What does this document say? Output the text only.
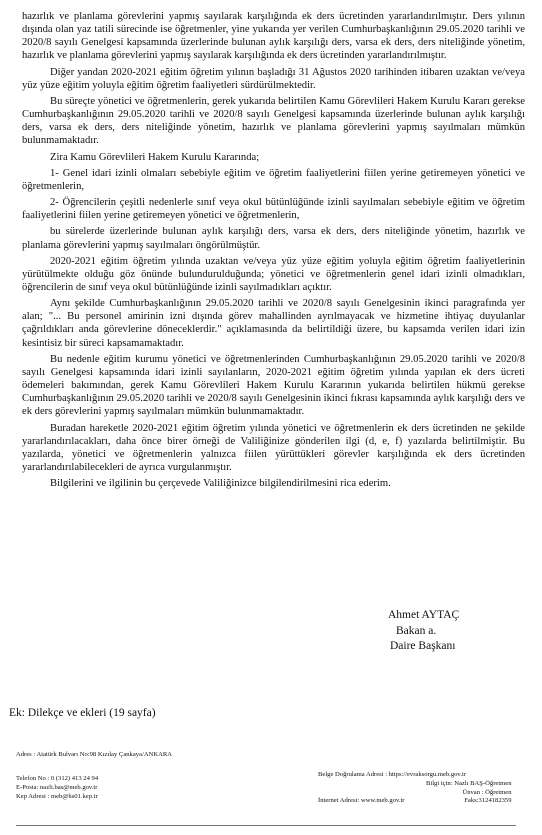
hazırlık ve planlama görevlerini yapmış sayılarak karşılığında ek ders ücretinden yararlandırılmıştır. Ders yılının dışında olan yaz tatili sürecinde ise öğretmenler, yine yukarıda yer verilen Cumhurbaşkanlığının 29.05.2020 tarihli ve 2020/8 sayılı Genelgesi kapsamında üzerlerinde bulunan aylık karşılığı ders, varsa ek ders, ders niteliğinde yönetim, hazırlık ve planlama görevlerini yapmış sayılarak karşılığında ek ders ücretinden yararlandırılmıştır.

Diğer yandan 2020-2021 eğitim öğretim yılının başladığı 31 Ağustos 2020 tarihinden itibaren uzaktan ve/veya yüz yüze eğitim yoluyla eğitim öğretim faaliyetleri sürdürülmektedir.

Bu süreçte yönetici ve öğretmenlerin, gerek yukarıda belirtilen Kamu Görevlileri Hakem Kurulu Kararı gerekse Cumhurbaşkanlığının 29.05.2020 tarihli ve 2020/8 sayılı Genelgesi kapsamında üzerlerinde bulunan aylık karşılığı ders, varsa ek ders, ders niteliğinde yönetim, hazırlık ve planlama görevlerini yapmış sayılmaları mümkün bulunmamaktadır.

Zira Kamu Görevlileri Hakem Kurulu Kararında;

1- Genel idari izinli olmaları sebebiyle eğitim ve öğretim faaliyetlerini fiilen yerine getiremeyen yönetici ve öğretmenlerin,

2- Öğrencilerin çeşitli nedenlerle sınıf veya okul bütünlüğünde izinli sayılmaları sebebiyle eğitim ve öğretim faaliyetlerini fiilen yerine getiremeyen yönetici ve öğretmenlerin,

bu sürelerde üzerlerinde bulunan aylık karşılığı ders, varsa ek ders, ders niteliğinde yönetim, hazırlık ve planlama görevlerini yapmış sayılmaları öngörülmüştür.

2020-2021 eğitim öğretim yılında uzaktan ve/veya yüz yüze eğitim yoluyla eğitim öğretim faaliyetlerinin yürütülmekte olduğu göz önünde bulundurulduğunda; yönetici ve öğretmenlerin genel idari izinli olmadıkları, öğrencilerin de sınıf veya okul bütünlüğünde izinli sayılmadıkları açıktır.

Aynı şekilde Cumhurbaşkanlığının 29.05.2020 tarihli ve 2020/8 sayılı Genelgesinin ikinci paragrafında yer alan; "... Bu personel amirinin izni dışında görev mahallinden ayrılmayacak ve hizmetine ihtiyaç duyulanlar çağrıldıkları anda görevlerine döneceklerdir." açıklamasında da belirtildiği üzere, bu kapsamda verilen idari izin kesintisiz bir süreci kapsamamaktadır.

Bu nedenle eğitim kurumu yönetici ve öğretmenlerinden Cumhurbaşkanlığının 29.05.2020 tarihli ve 2020/8 sayılı Genelgesi kapsamında idari izinli sayılanların, 2020-2021 eğitim öğretim yılında yapılan ek ders ücreti ödemeleri bakımından, gerek Kamu Görevlileri Hakem Kurulu Kararının yukarıda belirtilen hükmü gerekse Cumhurbaşkanlığının 29.05.2020 tarihli ve 2020/8 sayılı Genelgesinin ikinci fıkrası kapsamında aylık karşılığı ders ve ek ders görevlerini yapmış sayılmaları mümkün bulunmamaktadır.

Buradan hareketle 2020-2021 eğitim öğretim yılında yönetici ve öğretmenlerin ek ders ücretinden ne şekilde yararlandırılacakları, daha önce birer örneği de Valiliğinize gönderilen ilgi (d, e, f) yazılarda belirtilmiştir. Bu yazılarda, yönetici ve öğretmenlerin yalnızca fiilen yürüttükleri görevler karşılığında ek ders ücretinden yararlandırılabilecekleri de ayrıca vurgulanmıştır.

Bilgilerini ve ilgilinin bu çerçevede Valiliğinizce bilgilendirilmesini rica ederim.

Ahmet AYTAÇ
Bakan a.
Daire Başkanı
Ek: Dilekçe ve ekleri (19 sayfa)
Adres : Atatürk Bulvarı No:98 Kızılay Çankaya/ANKARA
Telefon No : 0 (312) 413 24 94
E-Posta: nazli.bas@meb.gov.tr
Kep Adresi : meb@hs01.kep.tr
Belge Doğrulama Adresi : https://evraksorgu.meb.gov.tr

İnternet Adresi: www.meb.gov.tr

Bilgi için: Nazlı BAŞ-Öğretmen
Ünvan : Öğretmen
Faks:3124182359
